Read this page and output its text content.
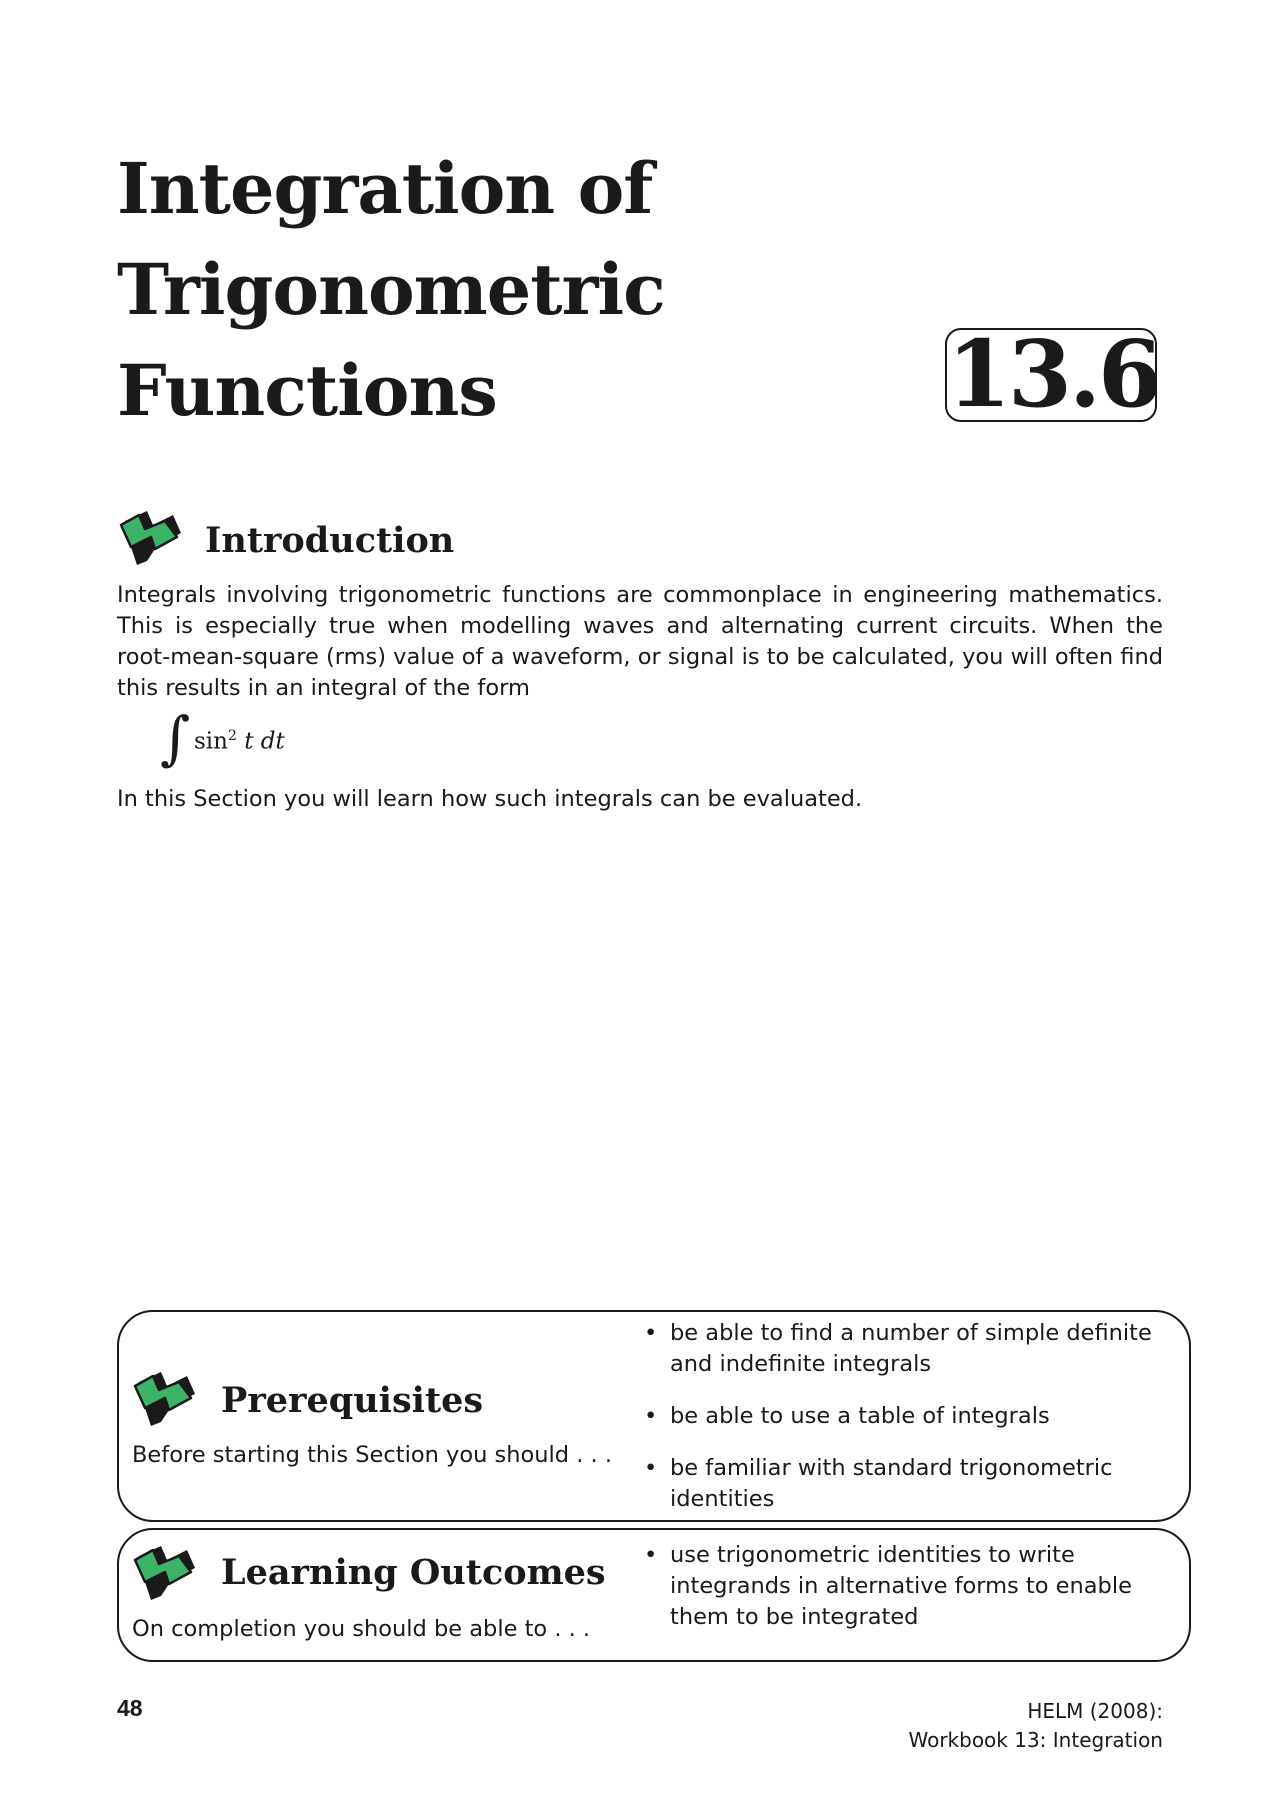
Integration of
Trigonometric
Functions	13.6
Introduction

Integrals involving trigonometric functions are commonplace in engineering mathematics. This is especially true when modelling waves and alternating current circuits. When the root-mean-square (rms) value of a waveform, or signal is to be calculated, you will often find this results in an integral of the form

∫ $\sin^2 t$ dt

In this Section you will learn how such integrals can be evaluated.

Prerequisites

Before starting this Section you should . . .

• be able to find a number of simple definite and indefinite integrals
• be able to use a table of integrals
• be familiar with standard trigonometric identities
Learning Outcomes

On completion you should be able to . . .

• use trigonometric identities to write integrands in alternative forms to enable them to be integrated
48	HELM (2008):
Workbook 13: Integration
